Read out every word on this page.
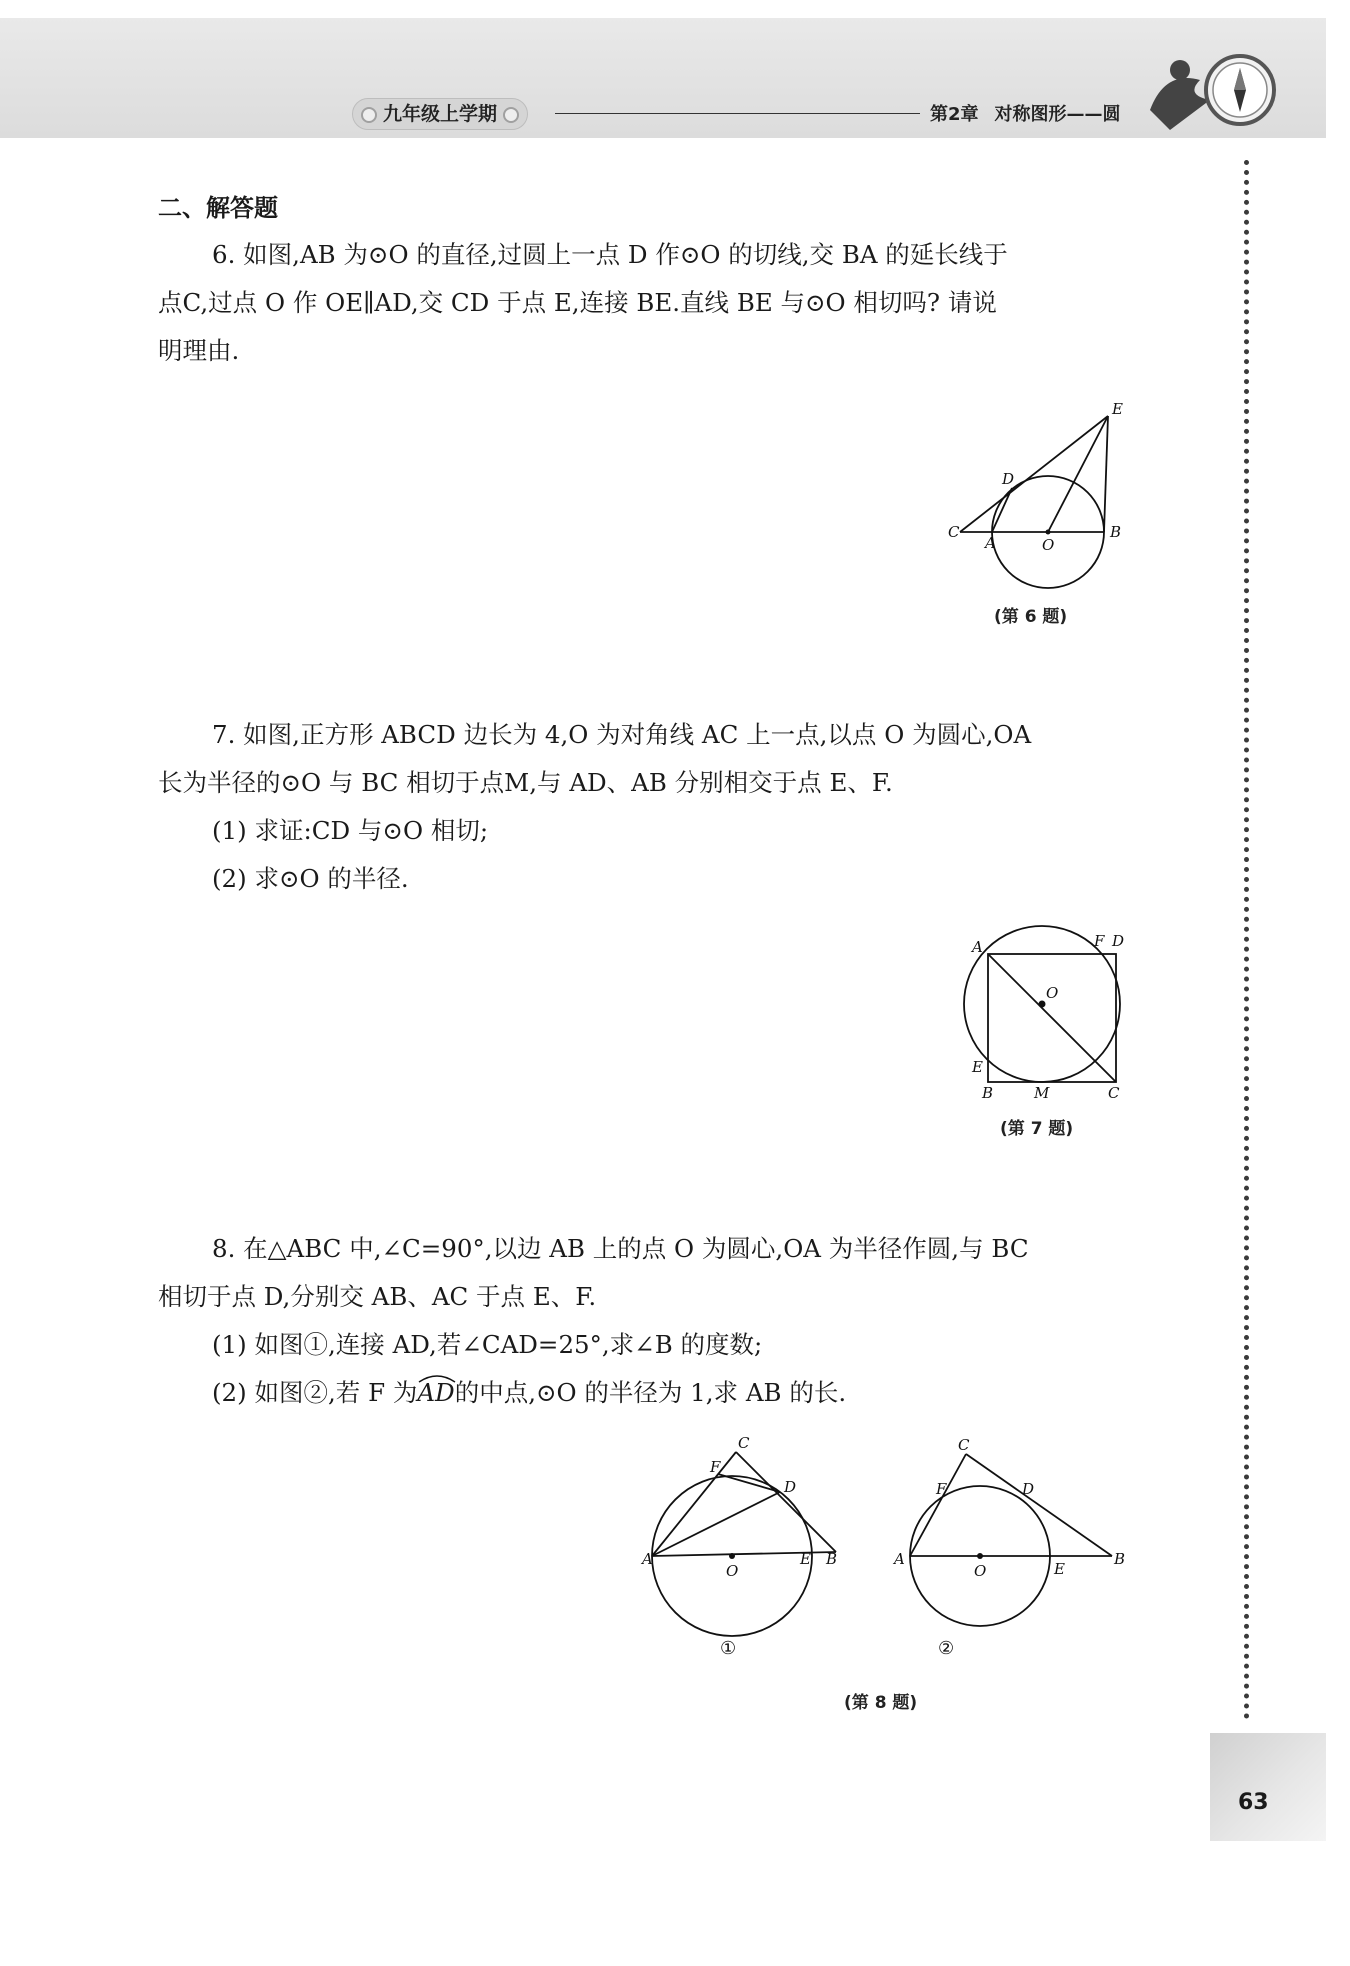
九年级上学期	第2章 对称图形——圆
二、解答题
6. 如图,AB 为⊙O 的直径,过圆上一点 D 作⊙O 的切线,交 BA 的延长线于
点C,过点 O 作 OE∥AD,交 CD 于点 E,连接 BE.直线 BE 与⊙O 相切吗? 请说
明理由.
E
D
C
A	O
B
(第 6 题)
7. 如图,正方形 ABCD 边长为 4,O 为对角线 AC 上一点,以点 O 为圆心,OA
长为半径的⊙O 与 BC 相切于点M,与 AD、AB 分别相交于点 E、F.
(1) 求证:CD 与⊙O 相切;
(2) 求⊙O 的半径.
A	F D
O
E
B	M	C
(第 7 题)
8. 在△ABC 中,∠C=90°,以边 AB 上的点 O 为圆心,OA 为半径作圆,与 BC
相切于点 D,分别交 AB、AC 于点 E、F.
(1) 如图①,连接 AD,若∠CAD=25°,求∠B 的度数;
(2) 如图②,若 F 为AD
的中点,⊙O 的半径为 1,求 AB 的长.
C
F
D
A
O
E B
①
C
F	D
A
O	E
B
②
(第 8 题)
63
